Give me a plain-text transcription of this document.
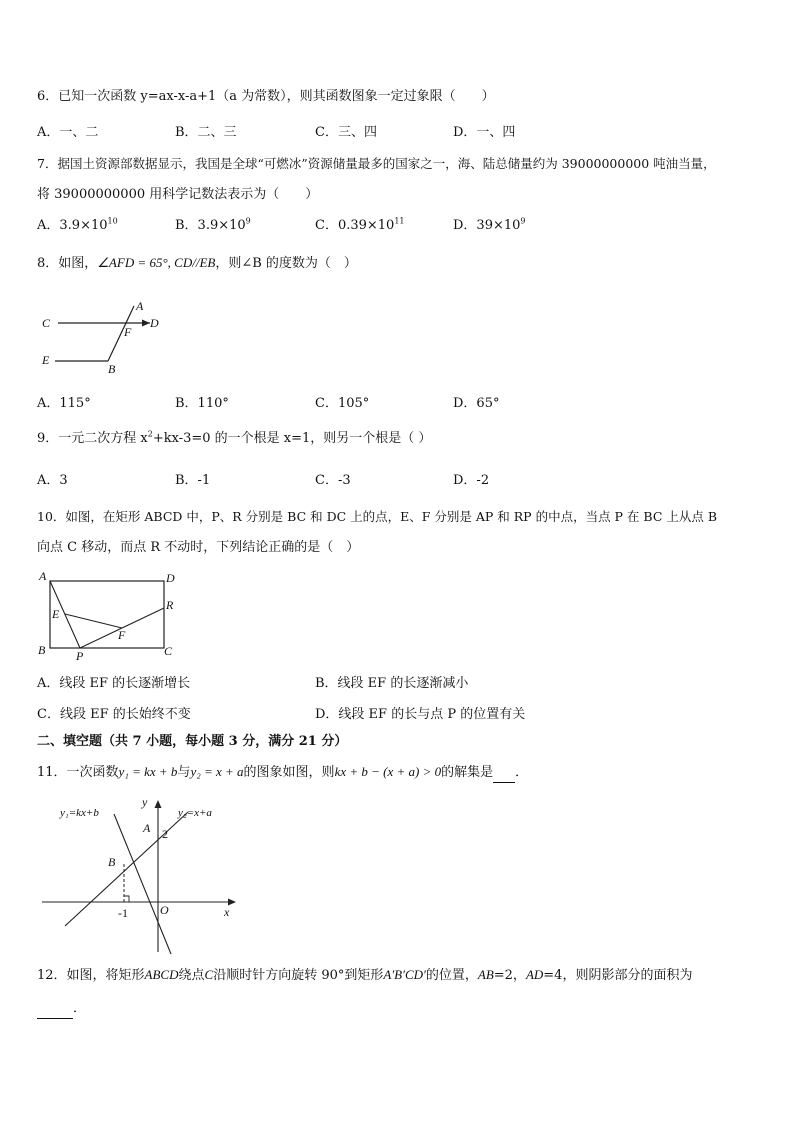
6．已知一次函数 y=ax-x-a+1（a 为常数），则其函数图象一定过象限（　　）
A．一、二	B．二、三	C．三、四	D．一、四
7．据国土资源部数据显示，我国是全球“可燃冰”资源储量最多的国家之一，海、陆总储量约为 39000000000 吨油当量，
将 39000000000 用科学记数法表示为（　　）
A．$3.9\times 10^{10}$	B．$3.9\times 10^9$	C．$0.39\times 10^{11}$	D．$39\times 10^9$
8．如图，∠AFD = 65°, CD//EB，则∠B 的度数为（　）
A
C
F
D
E
B
A．115°	B．110°	C．105°	D．65°
9．一元二次方程 $x^2+kx-3=0$ 的一个根是 x=1，则另一个根是（ ）
A．3	B．-1	C．-3	D．-2
10．如图，在矩形 ABCD 中，P、R 分别是 BC 和 DC 上的点，E、F 分别是 AP 和 RP 的中点，当点 P 在 BC 上从点 B
向点 C 移动，而点 R 不动时，下列结论正确的是（　）
A	D
E
R
F
B	P	C
A．线段 EF 的长逐渐增长	B．线段 EF 的长逐渐减小
C．线段 EF 的长始终不变	D．线段 EF 的长与点 P 的位置有关
二、填空题（共 7 小题，每小题 3 分，满分 21 分）
11．一次函数y₁ = kx + b与y₂ = x + a的图象如图，则kx + b − (x + a) > 0的解集是 ．
y₁=kx+b	y₂=x+a
y
x
A
B
O
-1
2
12．如图，将矩形ABCD绕点C沿顺时针方向旋转 90°到矩形A′B′CD′的位置，AB=2，AD=4，则阴影部分的面积为
．
